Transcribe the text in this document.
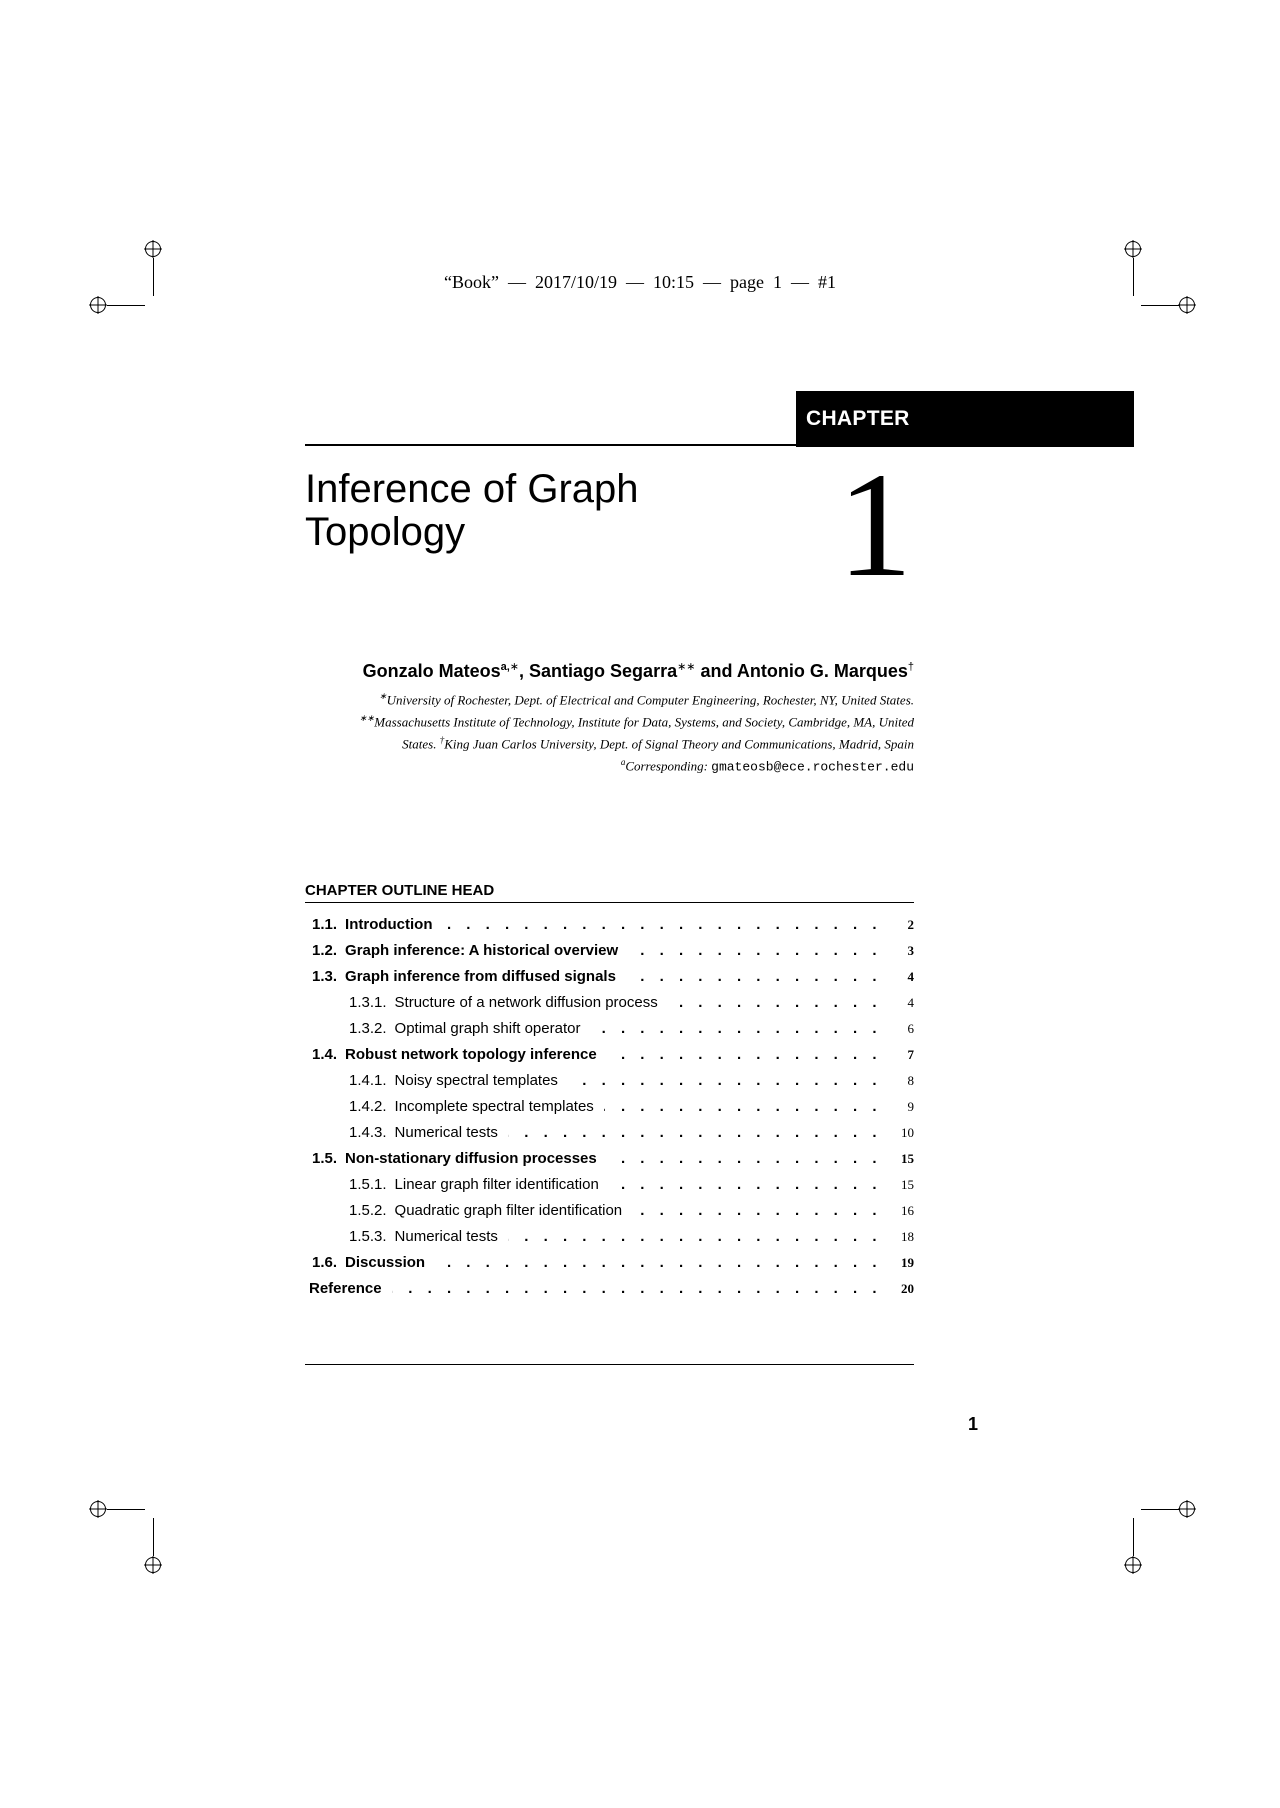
“Book”  —  2017/10/19  —  10:15  —  page  1  —  #1
CHAPTER
Inference of Graph Topology	1
Gonzalo Mateos$^{a,∗}$, Santiago Segarra∗∗ and Antonio G. Marques†
∗University of Rochester, Dept. of Electrical and Computer Engineering, Rochester, NY, United States.
∗∗Massachusetts Institute of Technology, Institute for Data, Systems, and Society, Cambridge, MA, United
States. †King Juan Carlos University, Dept. of Signal Theory and Communications, Madrid, Spain
$^a$Corresponding: gmateosb@ece.rochester.edu
CHAPTER OUTLINE HEAD
1.1. Introduction . . .	2
1.2. Graph inference: A historical overview . . .	3
1.3. Graph inference from diffused signals . . .	4
1.3.1. Structure of a network diffusion process . . .	4
1.3.2. Optimal graph shift operator . . .	6
1.4. Robust network topology inference . . .	7
1.4.1. Noisy spectral templates . . .	8
1.4.2. Incomplete spectral templates . . .	9
1.4.3. Numerical tests . . .	10
1.5. Non-stationary diffusion processes . . .	15
1.5.1. Linear graph filter identification . . .	15
1.5.2. Quadratic graph filter identification . . .	16
1.5.3. Numerical tests . . .	18
1.6. Discussion . . .	19
Reference . . .	20
1
